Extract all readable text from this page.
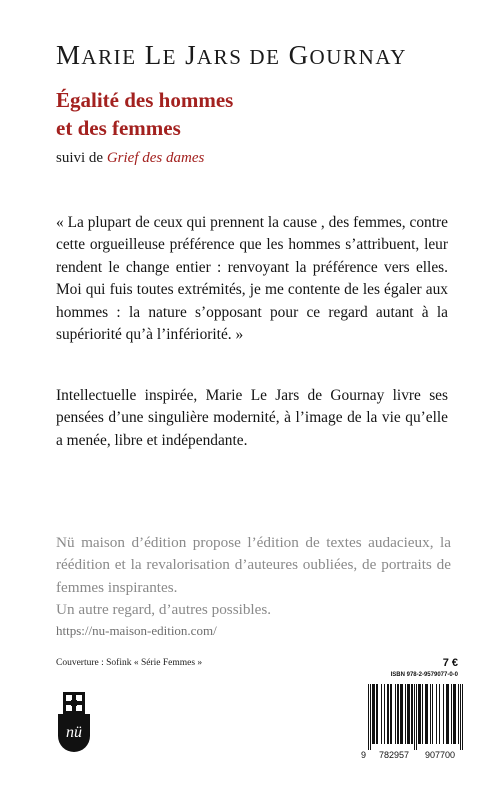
MARIE LE JARS DE GOURNAY
Égalité des hommes
et des femmes
suivi de Grief des dames
« La plupart de ceux qui prennent la cause , des femmes, contre cette orgueilleuse préférence que les hommes s’attribuent, leur rendent le change entier : renvoyant la préférence vers elles. Moi qui fuis toutes extrémités, je me contente de les égaler aux hommes : la nature s’opposant pour ce regard autant à la supériorité qu’à l’infériorité. »
Intellectuelle inspirée, Marie Le Jars de Gournay livre ses pensées d’une singulière modernité, à l’image de la vie qu’elle a menée, libre et indépendante.

Nü maison d’édition propose l’édition de textes audacieux, la réédition et la revalorisation d’auteures oubliées, de portraits de femmes inspirantes.

Un autre regard, d’autres possibles.

https://nu-maison-edition.com/
Couverture : Sofink « Série Femmes »
nü
7 €
ISBN 978-2-9579077-0-0
9 782957 907700
